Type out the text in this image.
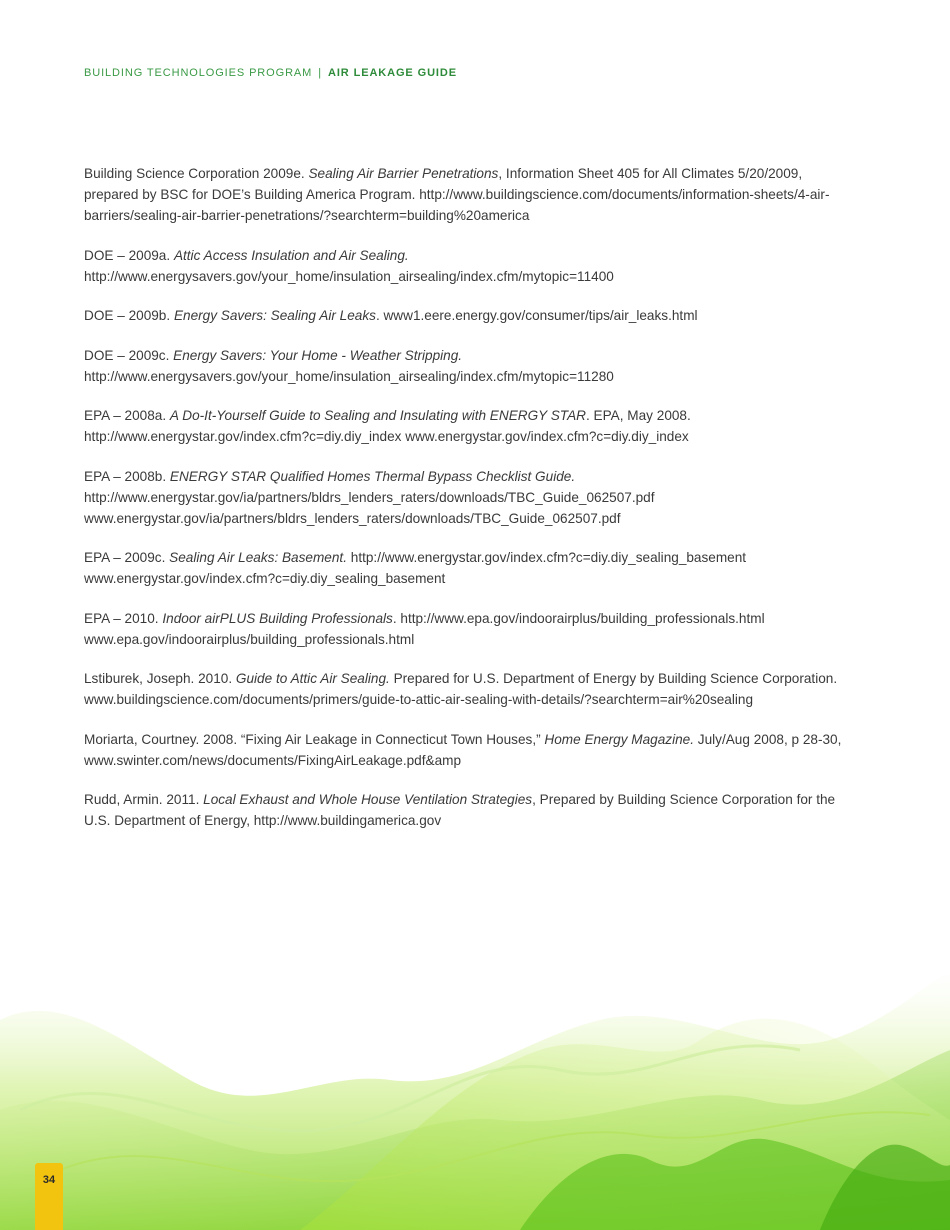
BUILDING TECHNOLOGIES PROGRAM | AIR LEAKAGE GUIDE

Building Science Corporation 2009e. Sealing Air Barrier Penetrations, Information Sheet 405 for All Climates 5/20/2009, prepared by BSC for DOE’s Building America Program. http://www.buildingscience.com/documents/information-sheets/4-air-barriers/sealing-air-barrier-penetrations/?searchterm=building%20america

DOE – 2009a. Attic Access Insulation and Air Sealing. http://www.energysavers.gov/your_home/insulation_airsealing/index.cfm/mytopic=11400

DOE – 2009b. Energy Savers: Sealing Air Leaks. www1.eere.energy.gov/consumer/tips/air_leaks.html

DOE – 2009c. Energy Savers: Your Home - Weather Stripping. http://www.energysavers.gov/your_home/insulation_airsealing/index.cfm/mytopic=11280

EPA – 2008a. A Do-It-Yourself Guide to Sealing and Insulating with ENERGY STAR. EPA, May 2008. http://www.energystar.gov/index.cfm?c=diy.diy_index www.energystar.gov/index.cfm?c=diy.diy_index

EPA – 2008b. ENERGY STAR Qualified Homes Thermal Bypass Checklist Guide. http://www.energystar.gov/ia/partners/bldrs_lenders_raters/downloads/TBC_Guide_062507.pdf www.energystar.gov/ia/partners/bldrs_lenders_raters/downloads/TBC_Guide_062507.pdf

EPA – 2009c. Sealing Air Leaks: Basement. http://www.energystar.gov/index.cfm?c=diy.diy_sealing_basement www.energystar.gov/index.cfm?c=diy.diy_sealing_basement

EPA – 2010. Indoor airPLUS Building Professionals. http://www.epa.gov/indoorairplus/building_professionals.html www.epa.gov/indoorairplus/building_professionals.html

Lstiburek, Joseph. 2010. Guide to Attic Air Sealing. Prepared for U.S. Department of Energy by Building Science Corporation. www.buildingscience.com/documents/primers/guide-to-attic-air-sealing-with-details/?searchterm=air%20sealing

Moriarta, Courtney. 2008. “Fixing Air Leakage in Connecticut Town Houses,” Home Energy Magazine. July/Aug 2008, p 28-30, www.swinter.com/news/documents/FixingAirLeakage.pdf&amp

Rudd, Armin. 2011. Local Exhaust and Whole House Ventilation Strategies, Prepared by Building Science Corporation for the U.S. Department of Energy, http://www.buildingamerica.gov

34
